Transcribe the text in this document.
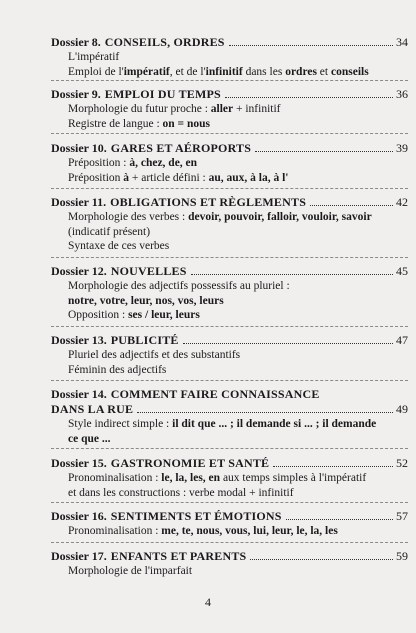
Dossier 8. CONSEILS, ORDRES	34
L'impératif
Emploi de l'impératif, et de l'infinitif dans les ordres et conseils
Dossier 9. EMPLOI DU TEMPS	36
Morphologie du futur proche : aller + infinitif
Registre de langue : on = nous
Dossier 10. GARES ET AÉROPORTS	39
Préposition : à, chez, de, en
Préposition à + article défini : au, aux, à la, à l'
Dossier 11. OBLIGATIONS ET RÈGLEMENTS	42
Morphologie des verbes : devoir, pouvoir, falloir, vouloir, savoir
(indicatif présent)
Syntaxe de ces verbes
Dossier 12. NOUVELLES	45
Morphologie des adjectifs possessifs au pluriel :
notre, votre, leur, nos, vos, leurs
Opposition : ses / leur, leurs
Dossier 13. PUBLICITÉ	47
Pluriel des adjectifs et des substantifs
Féminin des adjectifs
Dossier 14. COMMENT FAIRE CONNAISSANCE
DANS LA RUE	49
Style indirect simple : il dit que ... ; il demande si ... ; il demande
ce que ...
Dossier 15. GASTRONOMIE ET SANTÉ	52
Pronominalisation : le, la, les, en aux temps simples à l'impératif
et dans les constructions : verbe modal + infinitif
Dossier 16. SENTIMENTS ET ÉMOTIONS	57
Pronominalisation : me, te, nous, vous, lui, leur, le, la, les
Dossier 17. ENFANTS ET PARENTS	59
Morphologie de l'imparfait
4
